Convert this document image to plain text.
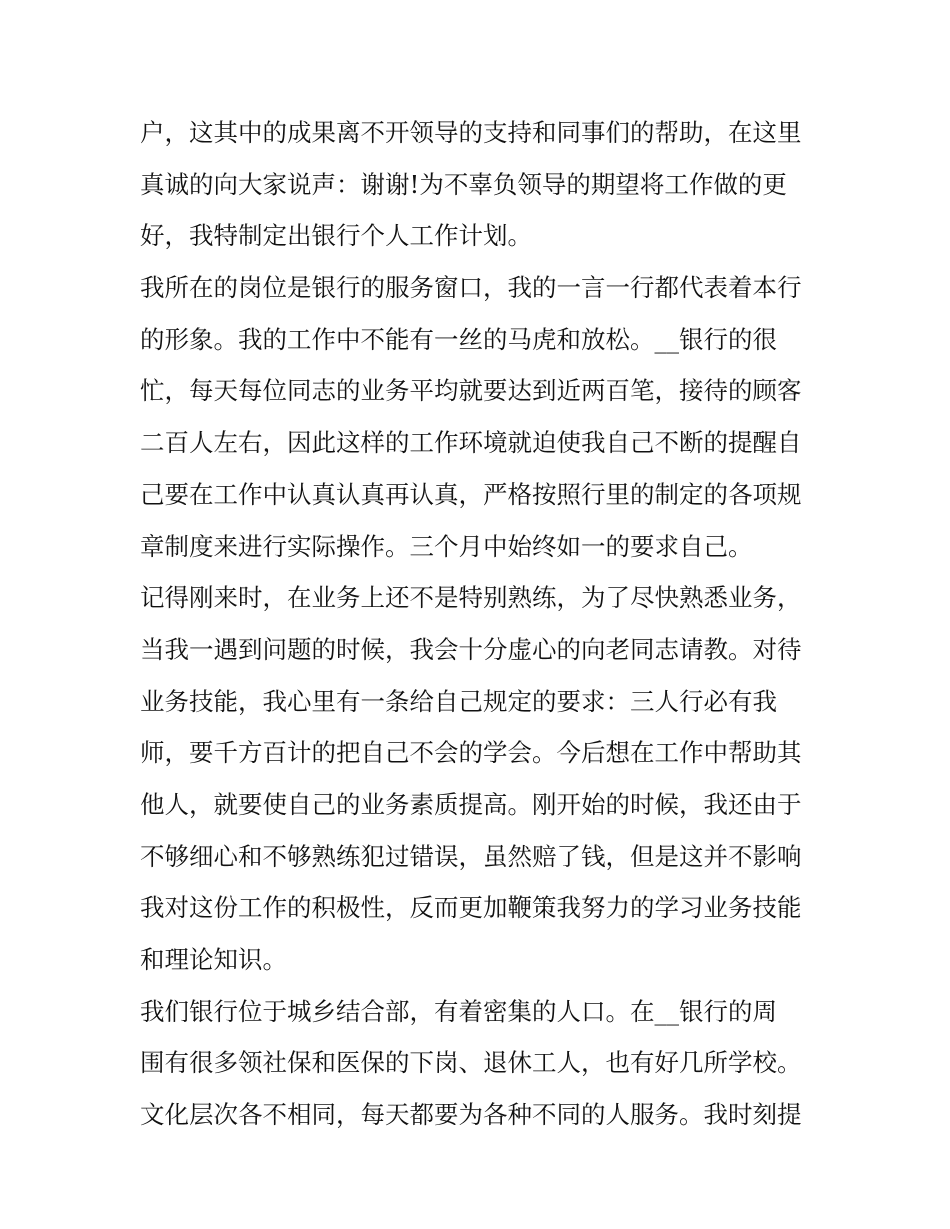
户，这其中的成果离不开领导的支持和同事们的帮助，在这里
真诚的向大家说声：谢谢!为不辜负领导的期望将工作做的更
好，我特制定出银行个人工作计划。
我所在的岗位是银行的服务窗口，我的一言一行都代表着本行
的形象。我的工作中不能有一丝的马虎和放松。__银行的很
忙，每天每位同志的业务平均就要达到近两百笔，接待的顾客
二百人左右，因此这样的工作环境就迫使我自己不断的提醒自
己要在工作中认真认真再认真，严格按照行里的制定的各项规
章制度来进行实际操作。三个月中始终如一的要求自己。
记得刚来时，在业务上还不是特别熟练，为了尽快熟悉业务，
当我一遇到问题的时候，我会十分虚心的向老同志请教。对待
业务技能，我心里有一条给自己规定的要求：三人行必有我
师，要千方百计的把自己不会的学会。今后想在工作中帮助其
他人，就要使自己的业务素质提高。刚开始的时候，我还由于
不够细心和不够熟练犯过错误，虽然赔了钱，但是这并不影响
我对这份工作的积极性，反而更加鞭策我努力的学习业务技能
和理论知识。
我们银行位于城乡结合部，有着密集的人口。在__银行的周
围有很多领社保和医保的下岗、退休工人，也有好几所学校。
文化层次各不相同，每天都要为各种不同的人服务。我时刻提
